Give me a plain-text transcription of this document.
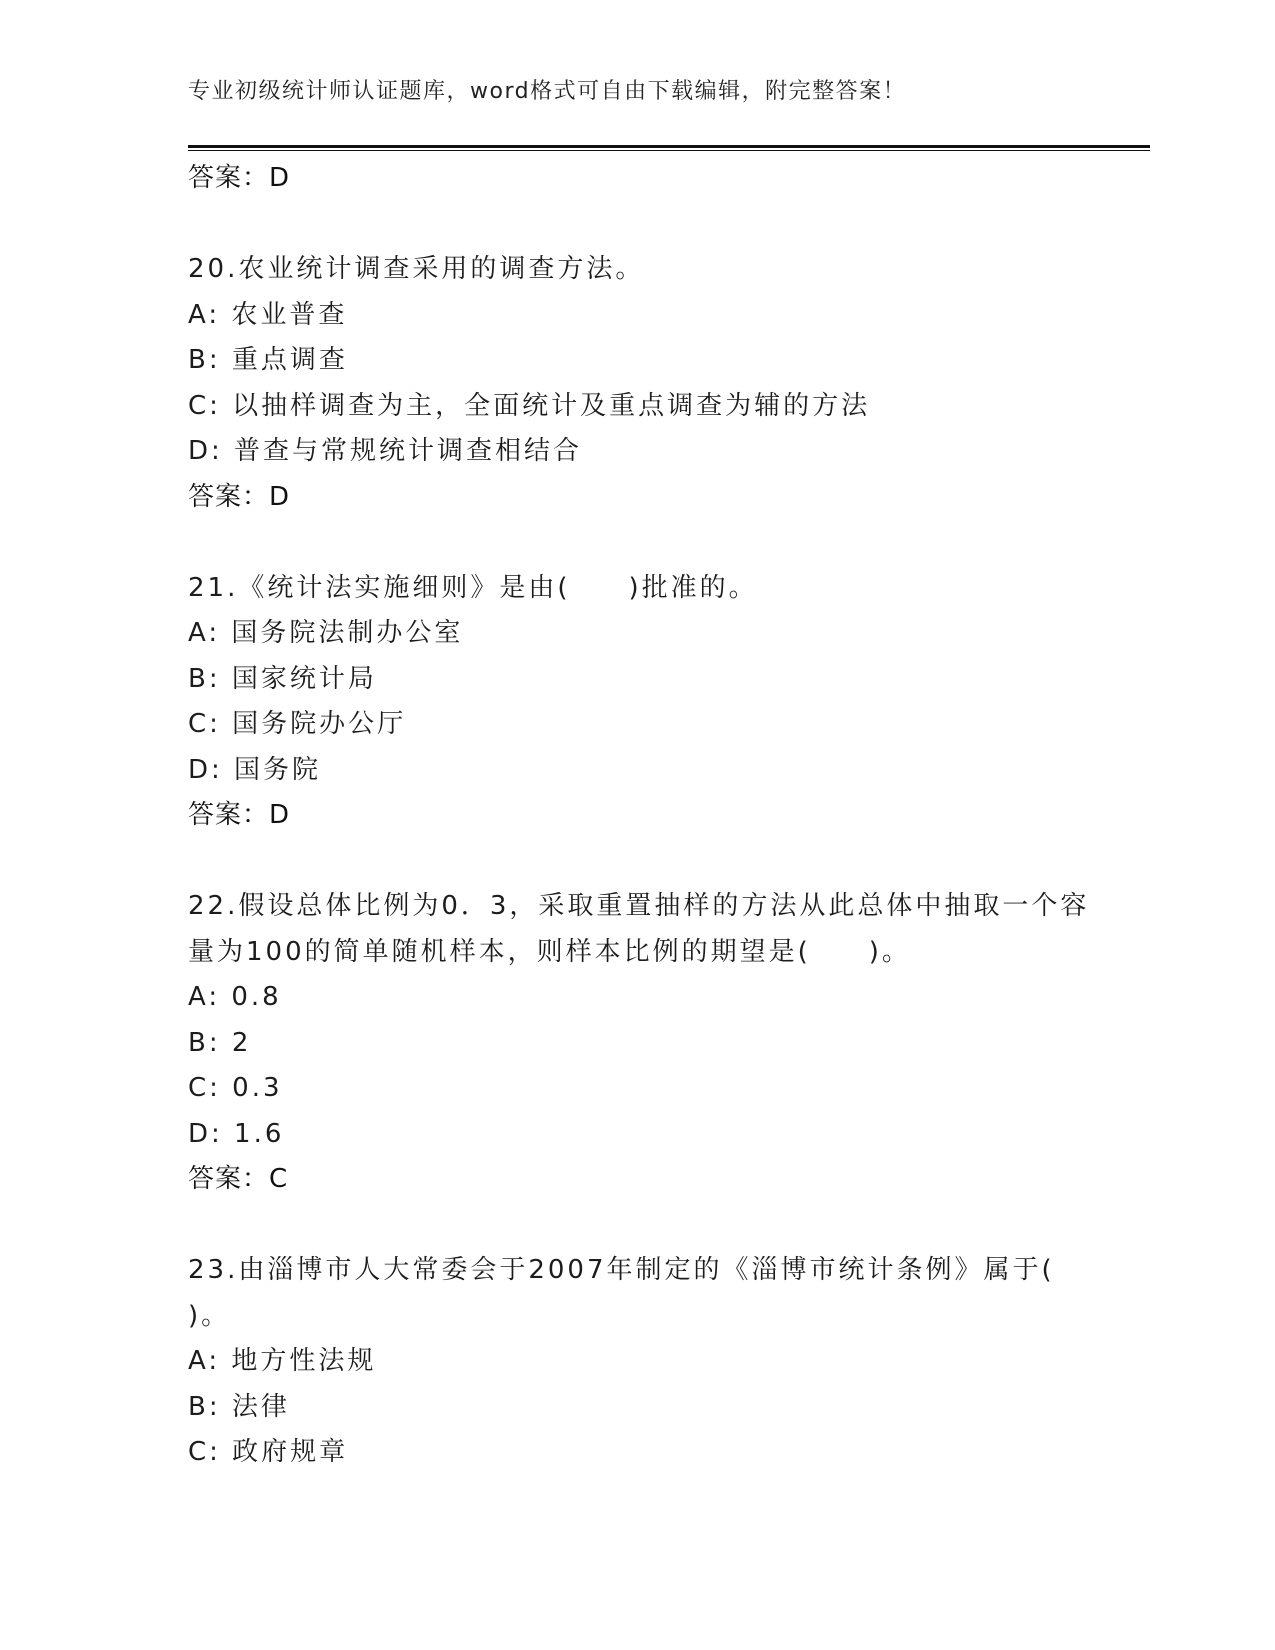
专业初级统计师认证题库，word格式可自由下载编辑，附完整答案！
答案：D
20.农业统计调查采用的调查方法。
A: 农业普查
B: 重点调查
C: 以抽样调查为主，全面统计及重点调查为辅的方法
D: 普查与常规统计调查相结合
答案：D
21.《统计法实施细则》是由(　　)批准的。
A: 国务院法制办公室
B: 国家统计局
C: 国务院办公厅
D: 国务院
答案：D
22.假设总体比例为0．3，采取重置抽样的方法从此总体中抽取一个容
量为100的简单随机样本，则样本比例的期望是(　　)。
A: 0.8
B: 2
C: 0.3
D: 1.6
答案：C
23.由淄博市人大常委会于2007年制定的《淄博市统计条例》属于(
)。
A: 地方性法规
B: 法律
C: 政府规章
